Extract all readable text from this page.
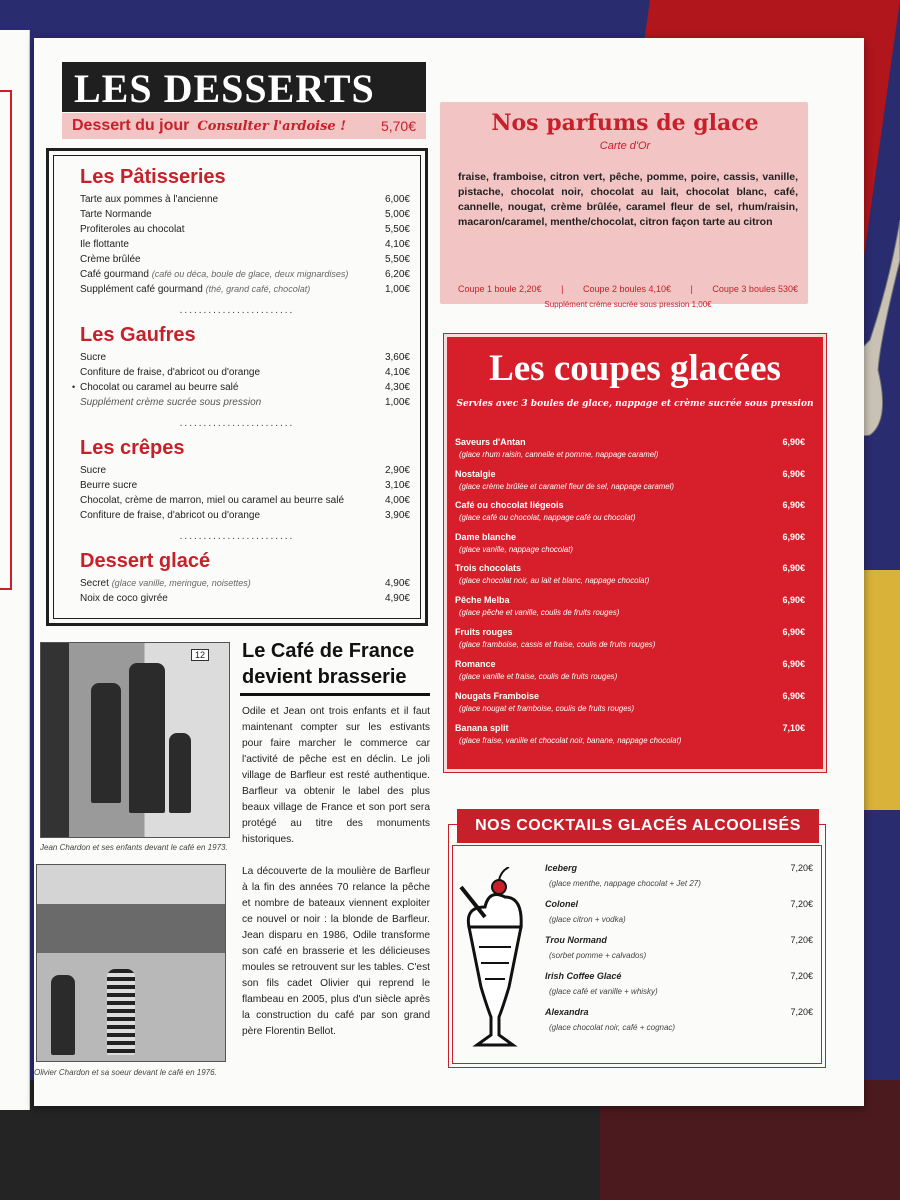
LES DESSERTS
Dessert du jour Consulter l'ardoise !	5,70€
Les Pâtisseries
Tarte aux pommes à l'ancienne	6,00€
Tarte Normande	5,00€
Profiteroles au chocolat	5,50€
Ile flottante	4,10€
Crème brûlée	5,50€
Café gourmand (café ou déca, boule de glace, deux mignardises)	6,20€
Supplément café gourmand (thé, grand café, chocolat)	1,00€
........................
Les Gaufres
Sucre	3,60€
Confiture de fraise, d'abricot ou d'orange	4,10€
• Chocolat ou caramel au beurre salé	4,30€
Supplément crème sucrée sous pression	1,00€
........................
Les crêpes
Sucre	2,90€
Beurre sucre	3,10€
Chocolat, crème de marron, miel ou caramel au beurre salé	4,00€
Confiture de fraise, d'abricot ou d'orange	3,90€
........................
Dessert glacé
Secret (glace vanille, meringue, noisettes)	4,90€
Noix de coco givrée	4,90€
12
Jean Chardon et ses enfants devant le café en 1973.
Olivier Chardon et sa soeur devant le café en 1976.
Le Café de France
devient brasserie
Odile et Jean ont trois enfants et il faut maintenant compter sur les estivants pour faire marcher le commerce car l'activité de pêche est en déclin. Le joli village de Barfleur est resté authentique. Barfleur va obtenir le label des plus beaux village de France et son port sera protégé au titre des monuments historiques.
La découverte de la moulière de Barfleur à la fin des années 70 relance la pêche et nombre de bateaux viennent exploiter ce nouvel or noir : la blonde de Barfleur. Jean disparu en 1986, Odile transforme son café en brasserie et les délicieuses moules se retrouvent sur les tables. C'est son fils cadet Olivier qui reprend le flambeau en 2005, plus d'un siècle après la construction du café par son grand père Florentin Bellot.
Nos parfums de glace
Carte d'Or
fraise, framboise, citron vert, pêche, pomme, poire, cassis, vanille, pistache, chocolat noir, chocolat au lait, chocolat blanc, café, cannelle, nougat, crème brûlée, caramel fleur de sel, rhum/raisin, macaron/caramel, menthe/chocolat, citron façon tarte au citron
Coupe 1 boule 2,20€ | Coupe 2 boules 4,10€ | Coupe 3 boules 530€
Supplément crème sucrée sous pression 1,00€
Les coupes glacées
Servies avec 3 boules de glace, nappage et crème sucrée sous pression
Saveurs d'Antan	6,90€
(glace rhum raisin, cannelle et pomme, nappage caramel)
Nostalgie	6,90€
(glace crème brûlée et caramel fleur de sel, nappage caramel)
Café ou chocolat liégeois	6,90€
(glace café ou chocolat, nappage café ou chocolat)
Dame blanche	6,90€
(glace vanille, nappage chocolat)
Trois chocolats	6,90€
(glace chocolat noir, au lait et blanc, nappage chocolat)
Pêche Melba	6,90€
(glace pêche et vanille, coulis de fruits rouges)
Fruits rouges	6,90€
(glace framboise, cassis et fraise, coulis de fruits rouges)
Romance	6,90€
(glace vanille et fraise, coulis de fruits rouges)
Nougats Framboise	6,90€
(glace nougat et framboise, coulis de fruits rouges)
Banana split	7,10€
(glace fraise, vanille et chocolat noir, banane, nappage chocolat)
NOS COCKTAILS GLACÉS ALCOOLISÉS
Iceberg	7,20€
(glace menthe, nappage chocolat + Jet 27)
Colonel	7,20€
(glace citron + vodka)
Trou Normand	7,20€
(sorbet pomme + calvados)
Irish Coffee Glacé	7,20€
(glace café et vanille + whisky)
Alexandra	7,20€
(glace chocolat noir, café + cognac)
